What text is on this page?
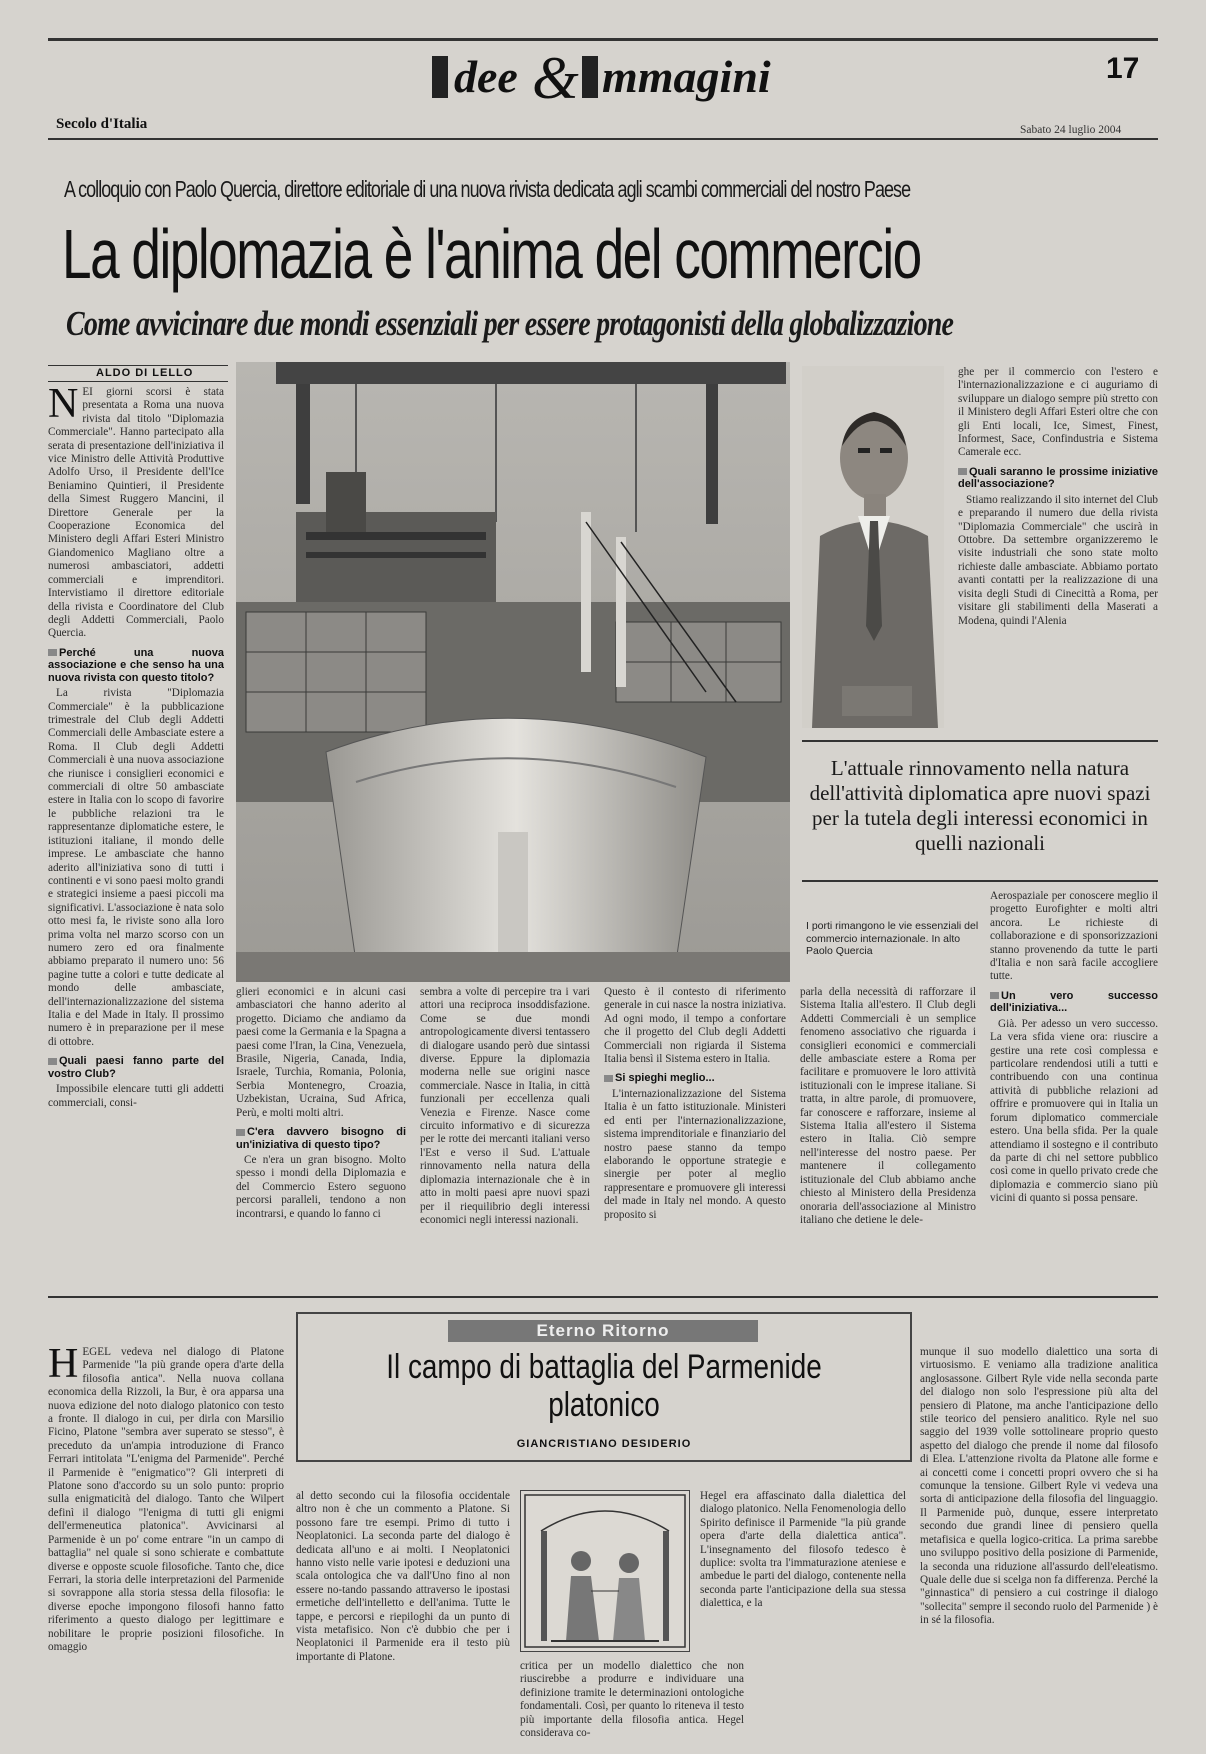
dee & mmagini	17
Secolo d'Italia	Sabato 24 luglio 2004
A colloquio con Paolo Quercia, direttore editoriale di una nuova rivista dedicata agli scambi commerciali del nostro Paese
La diplomazia è l'anima del commercio
Come avvicinare due mondi essenziali per essere protagonisti della globalizzazione
ALDO DI LELLO
N EI giorni scorsi è stata presentata a Roma una nuova rivista dal titolo "Diplomazia Commerciale". Hanno partecipato alla serata di presentazione dell'iniziativa il vice Ministro delle Attività Produttive Adolfo Urso, il Presidente dell'Ice Beniamino Quintieri, il Presidente della Simest Ruggero Mancini, il Direttore Generale per la Cooperazione Economica del Ministero degli Affari Esteri Ministro Giandomenico Magliano oltre a numerosi ambasciatori, addetti commerciali e imprenditori. Intervistiamo il direttore editoriale della rivista e Coordinatore del Club degli Addetti Commerciali, Paolo Quercia.

Perché una nuova associazione e che senso ha una nuova rivista con questo titolo?

La rivista "Diplomazia Commerciale" è la pubblicazione trimestrale del Club degli Addetti Commerciali delle Ambasciate estere a Roma. Il Club degli Addetti Commerciali è una nuova associazione che riunisce i consiglieri economici e commerciali di oltre 50 ambasciate estere in Italia con lo scopo di favorire le pubbliche relazioni tra le rappresentanze diplomatiche estere, le istituzioni italiane, il mondo delle imprese. Le ambasciate che hanno aderito all'iniziativa sono di tutti i continenti e vi sono paesi molto grandi e strategici insieme a paesi piccoli ma significativi. L'associazione è nata solo otto mesi fa, le riviste sono alla loro prima volta nel marzo scorso con un numero zero ed ora finalmente abbiamo preparato il numero uno: 56 pagine tutte a colori e tutte dedicate al mondo delle ambasciate, dell'internazionalizzazione del sistema Italia e del Made in Italy. Il prossimo numero è in preparazione per il mese di ottobre.

Quali paesi fanno parte del vostro Club?

Impossibile elencare tutti gli addetti commerciali, consi-

ghe per il commercio con l'estero e l'internazionalizzazione e ci auguriamo di sviluppare un dialogo sempre più stretto con il Ministero degli Affari Esteri oltre che con gli Enti locali, Ice, Simest, Finest, Informest, Sace, Confindustria e Sistema Camerale ecc.

Quali saranno le prossime iniziative dell'associazione?

Stiamo realizzando il sito internet del Club e preparando il numero due della rivista "Diplomazia Commerciale" che uscirà in Ottobre. Da settembre organizzeremo le visite industriali che sono state molto richieste dalle ambasciate. Abbiamo portato avanti contatti per la realizzazione di una visita degli Studi di Cinecittà a Roma, per visitare gli stabilimenti della Maserati a Modena, quindi l'Alenia

L'attuale rinnovamento nella natura dell'attività diplomatica apre nuovi spazi per la tutela degli interessi economici in quelli nazionali
I porti rimangono le vie essenziali del commercio internazionale. In alto Paolo Quercia

glieri economici e in alcuni casi ambasciatori che hanno aderito al progetto. Diciamo che andiamo da paesi come la Germania e la Spagna a paesi come l'Iran, la Cina, Venezuela, Brasile, Nigeria, Canada, India, Israele, Turchia, Romania, Polonia, Serbia Montenegro, Croazia, Uzbekistan, Ucraina, Sud Africa, Perù, e molti molti altri.

C'era davvero bisogno di un'iniziativa di questo tipo?

Ce n'era un gran bisogno. Molto spesso i mondi della Diplomazia e del Commercio Estero seguono percorsi paralleli, tendono a non incontrarsi, e quando lo fanno ci

sembra a volte di percepire tra i vari attori una reciproca insoddisfazione. Come se due mondi antropologicamente diversi tentassero di dialogare usando però due sintassi diverse. Eppure la diplomazia moderna nelle sue origini nasce commerciale. Nasce in Italia, in città funzionali per eccellenza quali Venezia e Firenze. Nasce come circuito informativo e di sicurezza per le rotte dei mercanti italiani verso l'Est e verso il Sud. L'attuale rinnovamento nella natura della diplomazia internazionale che è in atto in molti paesi apre nuovi spazi per il riequilibrio degli interessi economici negli interessi nazionali.

Questo è il contesto di riferimento generale in cui nasce la nostra iniziativa. Ad ogni modo, il tempo a confortare che il progetto del Club degli Addetti Commerciali non rigiarda il Sistema Italia bensì il Sistema estero in Italia.

Si spieghi meglio...

L'internazionalizzazione del Sistema Italia è un fatto istituzionale. Ministeri ed enti per l'internazionalizzazione, sistema imprenditoriale e finanziario del nostro paese stanno da tempo elaborando le opportune strategie e sinergie per poter al meglio rappresentare e promuovere gli interessi del made in Italy nel mondo. A questo proposito si

parla della necessità di rafforzare il Sistema Italia all'estero. Il Club degli Addetti Commerciali è un semplice fenomeno associativo che riguarda i consiglieri economici e commerciali delle ambasciate estere a Roma per facilitare e promuovere le loro attività istituzionali con le imprese italiane. Si tratta, in altre parole, di promuovere, far conoscere e rafforzare, insieme al Sistema Italia all'estero il Sistema estero in Italia. Ciò sempre nell'interesse del nostro paese. Per mantenere il collegamento istituzionale del Club abbiamo anche chiesto al Ministero della Presidenza onoraria dell'associazione al Ministro italiano che detiene le dele-

Aerospaziale per conoscere meglio il progetto Eurofighter e molti altri ancora. Le richieste di collaborazione e di sponsorizzazioni stanno provenendo da tutte le parti d'Italia e non sarà facile accogliere tutte.

Un vero successo dell'iniziativa...

Già. Per adesso un vero successo. La vera sfida viene ora: riuscire a gestire una rete così complessa e particolare rendendosi utili a tutti e contribuendo con una continua attività di pubbliche relazioni ad offrire e promuovere qui in Italia un forum diplomatico commerciale estero. Una bella sfida. Per la quale attendiamo il sostegno e il contributo da parte di chi nel settore pubblico così come in quello privato crede che diplomazia e commercio siano più vicini di quanto si possa pensare.

Eterno Ritorno
Il campo di battaglia del Parmenide platonico
GIANCRISTIANO DESIDERIO
H EGEL vedeva nel dialogo di Platone Parmenide "la più grande opera d'arte della filosofia antica". Nella nuova collana economica della Rizzoli, la Bur, è ora apparsa una nuova edizione del noto dialogo platonico con testo a fronte. Il dialogo in cui, per dirla con Marsilio Ficino, Platone "sembra aver superato se stesso", è preceduto da un'ampia introduzione di Franco Ferrari intitolata "L'enigma del Parmenide". Perché il Parmenide è "enigmatico"? Gli interpreti di Platone sono d'accordo su un solo punto: proprio sulla enigmaticità del dialogo. Tanto che Wilpert definì il dialogo "l'enigma di tutti gli enigmi dell'ermeneutica platonica". Avvicinarsi al Parmenide è un po' come entrare "in un campo di battaglia" nel quale si sono schierate e combattute diverse e opposte scuole filosofiche. Tanto che, dice Ferrari, la storia delle interpretazioni del Parmenide si sovrappone alla storia stessa della filosofia: le diverse epoche impongono filosofi hanno fatto riferimento a questo dialogo per legittimare e nobilitare le proprie posizioni filosofiche. In omaggio

al detto secondo cui la filosofia occidentale altro non è che un commento a Platone. Si possono fare tre esempi. Primo di tutto i Neoplatonici. La seconda parte del dialogo è dedicata all'uno e ai molti. I Neoplatonici hanno visto nelle varie ipotesi e deduzioni una scala ontologica che va dall'Uno fino al non essere no-tando passando attraverso le ipostasi ermetiche dell'intelletto e dell'anima. Tutte le tappe, e percorsi e riepiloghi da un punto di vista metafisico. Non c'è dubbio che per i Neoplatonici il Parmenide era il testo più importante di Platone.

critica per un modello dialettico che non riuscirebbe a produrre e individuare una definizione tramite le determinazioni ontologiche fondamentali. Così, per quanto lo riteneva il testo più importante della filosofia antica. Hegel considerava co-

Hegel era affascinato dalla dialettica del dialogo platonico. Nella Fenomenologia dello Spirito definisce il Parmenide "la più grande opera d'arte della dialettica antica". L'insegnamento del filosofo tedesco è duplice: svolta tra l'immaturazione ateniese e ambedue le parti del dialogo, contenente nella seconda parte l'anticipazione della sua stessa dialettica, e la

munque il suo modello dialettico una sorta di virtuosismo. E veniamo alla tradizione analitica anglosassone. Gilbert Ryle vide nella seconda parte del dialogo non solo l'espressione più alta del pensiero di Platone, ma anche l'anticipazione dello stile teorico del pensiero analitico. Ryle nel suo saggio del 1939 volle sottolineare proprio questo aspetto del dialogo che prende il nome dal filosofo di Elea. L'attenzione rivolta da Platone alle forme e ai concetti come i concetti propri ovvero che si ha comunque la tensione. Gilbert Ryle vi vedeva una sorta di anticipazione della filosofia del linguaggio. Il Parmenide può, dunque, essere interpretato secondo due grandi linee di pensiero quella metafisica e quella logico-critica. La prima sarebbe uno sviluppo positivo della posizione di Parmenide, la seconda una riduzione all'assurdo dell'eleatismo. Quale delle due si scelga non fa differenza. Perché la "ginnastica" di pensiero a cui costringe il dialogo "sollecita" sempre il secondo ruolo del Parmenide ) è in sé la filosofia.
